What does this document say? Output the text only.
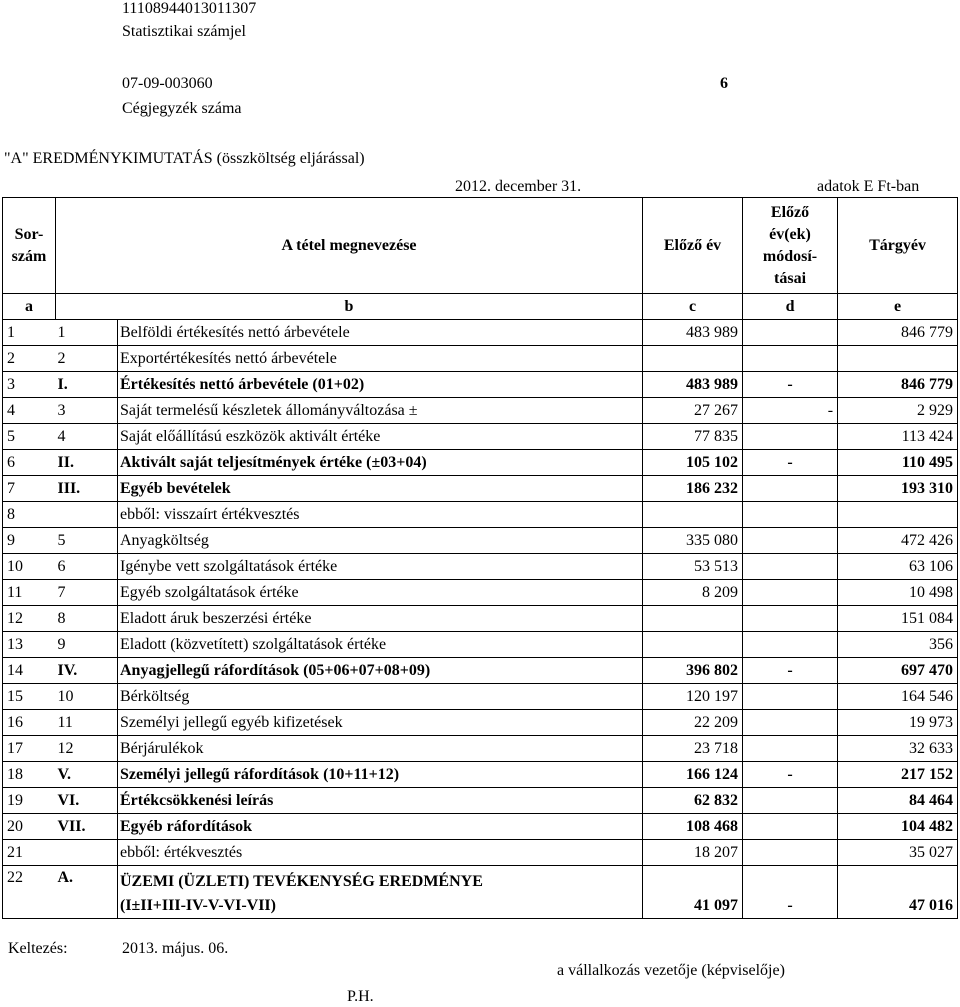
11108944013011307
Statisztikai számjel
07-09-003060	6
Cégjegyzék száma
"A" EREDMÉNYKIMUTATÁS (összköltség eljárással)
2012. december 31.	adatok E Ft-ban
Sor-
szám	A tétel megnevezése		Előző év	Előző
év(ek)
módosí-
tásai	Tárgyév
a	b		c	d	e
1	1	Belföldi értékesítés nettó árbevétele	483 989		846 779
2	2	Exportértékesítés nettó árbevétele			
3	I.	Értékesítés nettó árbevétele (01+02)	483 989	-	846 779
4	3	Saját termelésű készletek állományváltozása ±	27 267	-	2 929
5	4	Saját előállítású eszközök aktivált értéke	77 835		113 424
6	II.	Aktivált saját teljesítmények értéke (±03+04)	105 102	-	110 495
7	III.	Egyéb bevételek	186 232		193 310
8		ebből: visszaírt értékvesztés			
9	5	Anyagköltség	335 080		472 426
10	6	Igénybe vett szolgáltatások értéke	53 513		63 106
11	7	Egyéb szolgáltatások értéke	8 209		10 498
12	8	Eladott áruk beszerzési értéke			151 084
13	9	Eladott (közvetített) szolgáltatások értéke			356
14	IV.	Anyagjellegű ráfordítások (05+06+07+08+09)	396 802	-	697 470
15	10	Bérköltség	120 197		164 546
16	11	Személyi jellegű egyéb kifizetések	22 209		19 973
17	12	Bérjárulékok	23 718		32 633
18	V.	Személyi jellegű ráfordítások (10+11+12)	166 124	-	217 152
19	VI.	Értékcsökkenési leírás	62 832		84 464
20	VII.	Egyéb ráfordítások	108 468		104 482
21		ebből: értékvesztés	18 207		35 027
22	A.	ÜZEMI (ÜZLETI) TEVÉKENYSÉG EREDMÉNYE
(I±II+III-IV-V-VI-VII)	41 097	-	47 016
Keltezés:	2013. május. 06.
a vállalkozás vezetője (képviselője)
P.H.
